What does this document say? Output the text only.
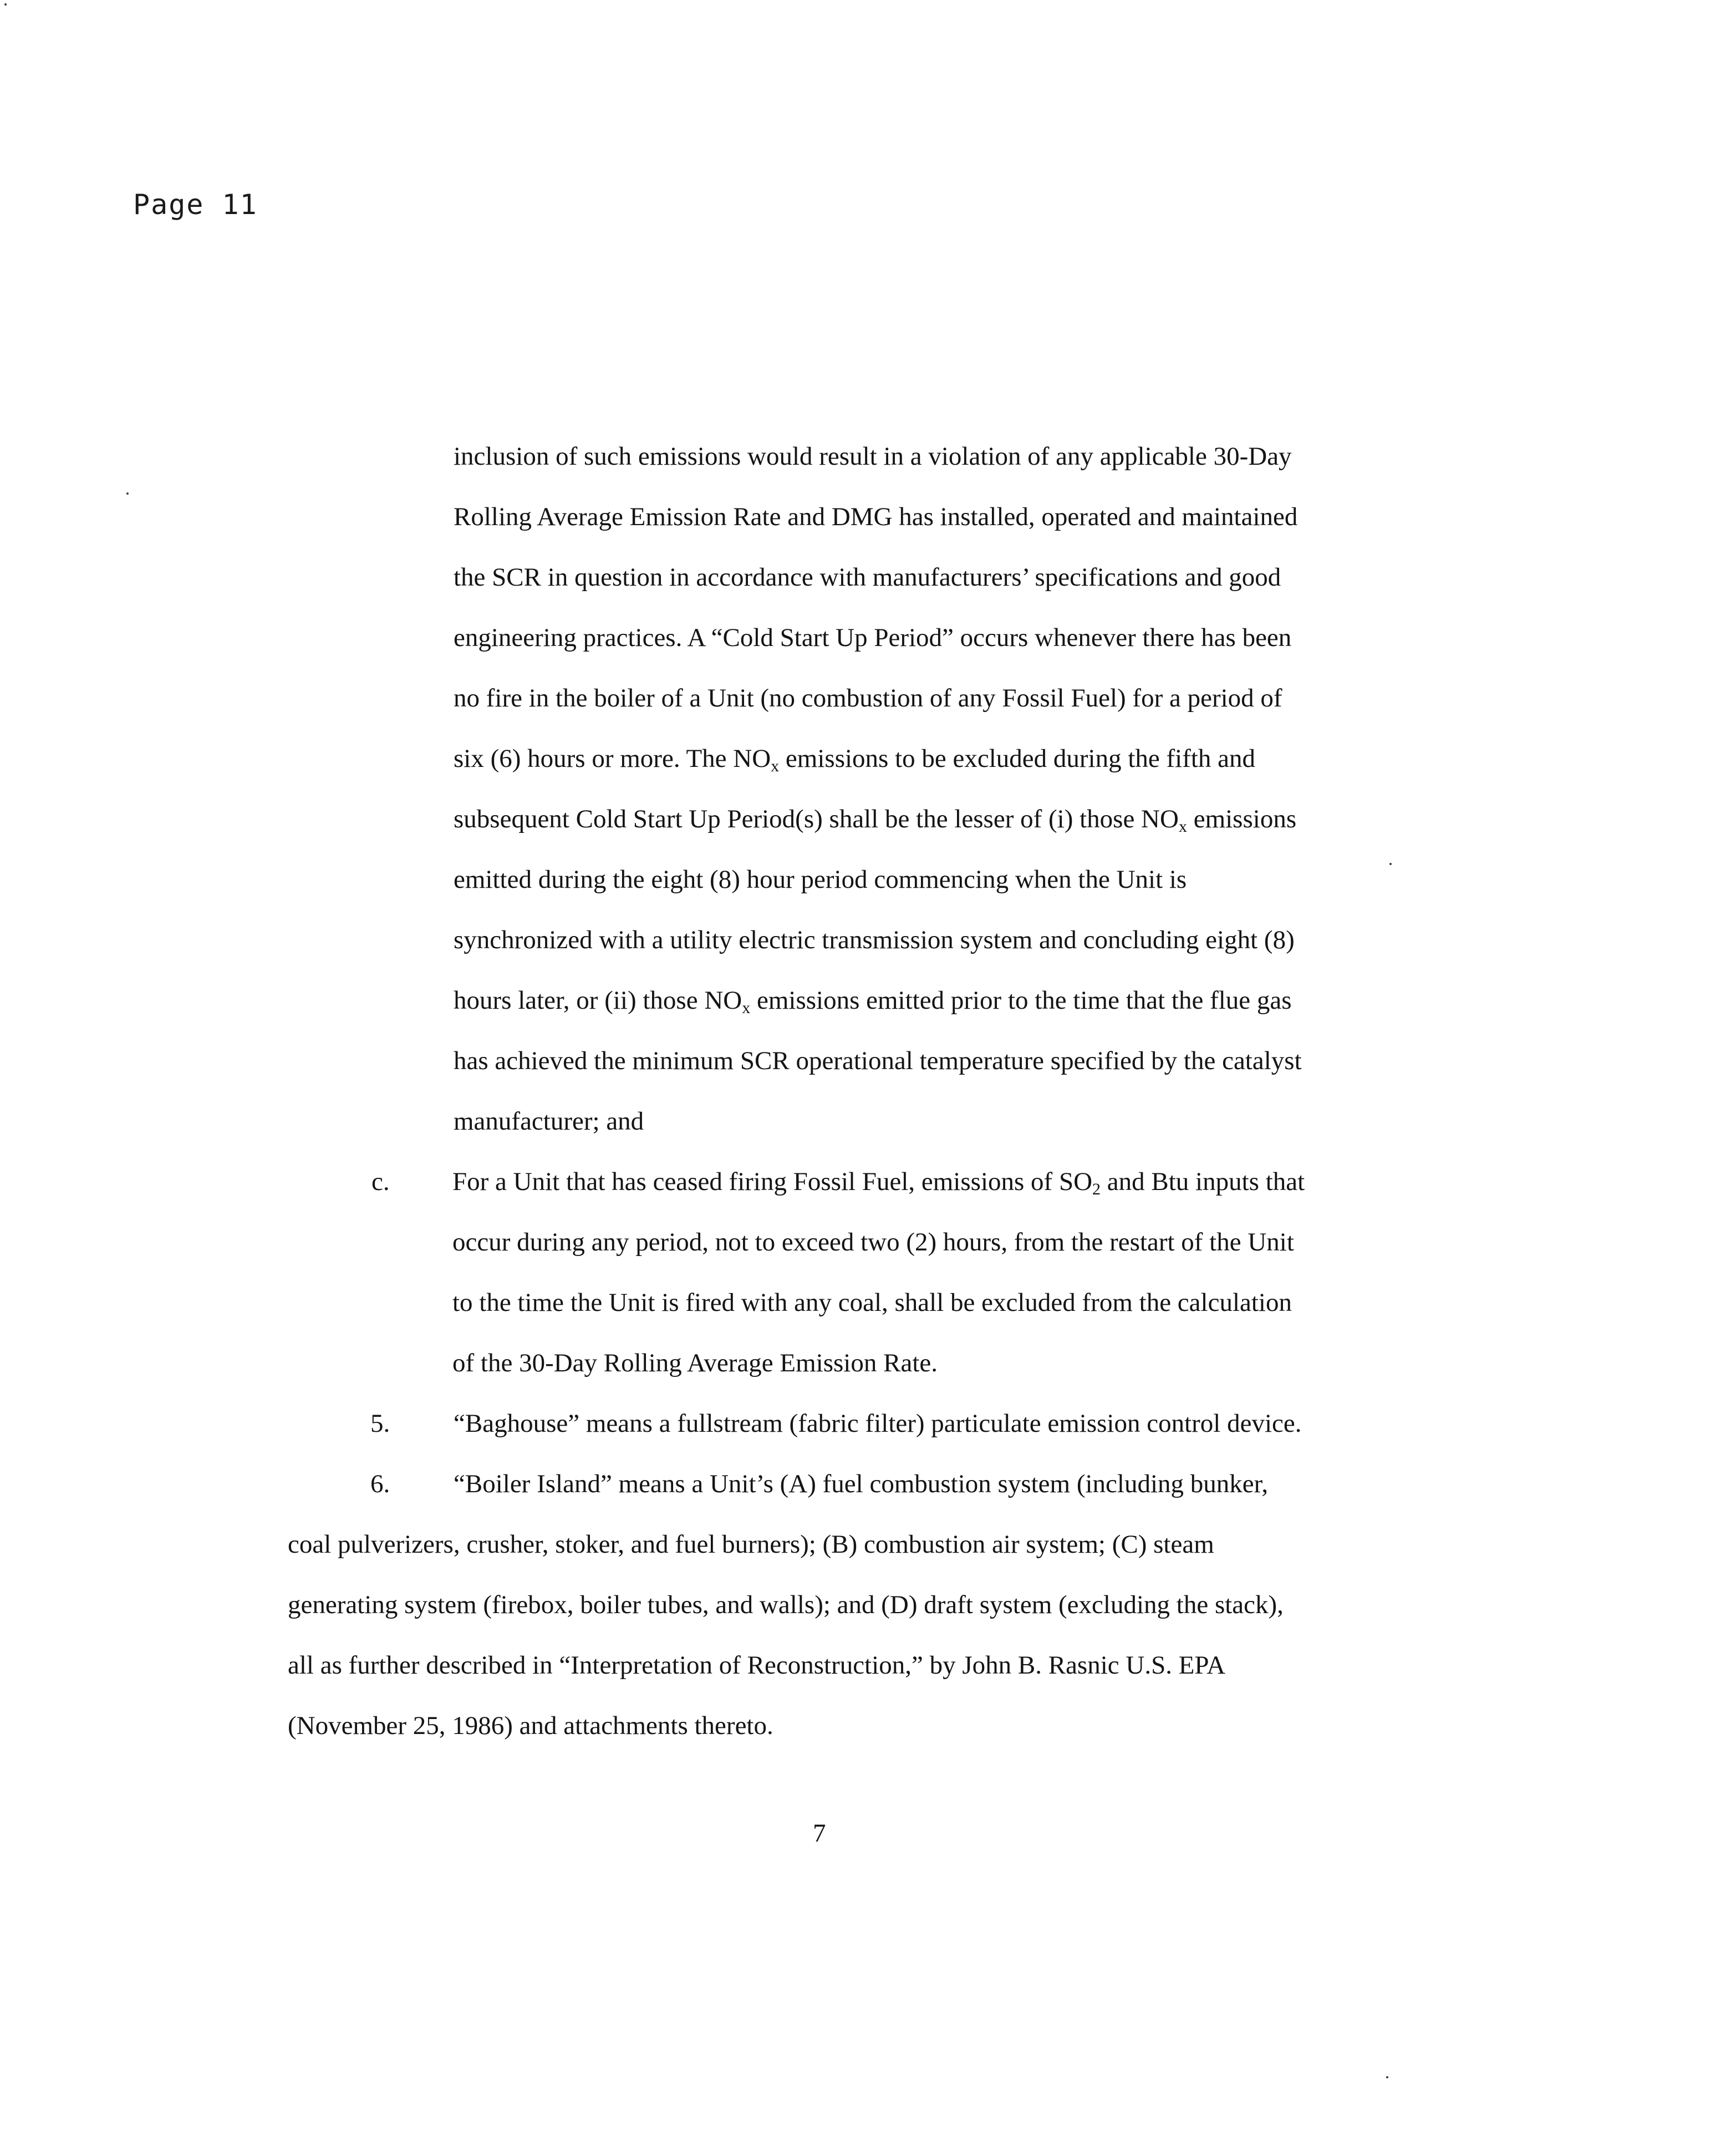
Page 11
inclusion of such emissions would result in a violation of any applicable 30-Day
Rolling Average Emission Rate and DMG has installed, operated and maintained
the SCR in question in accordance with manufacturers’ specifications and good
engineering practices. A “Cold Start Up Period” occurs whenever there has been
no fire in the boiler of a Unit (no combustion of any Fossil Fuel) for a period of
six (6) hours or more. The $NO_x$ emissions to be excluded during the fifth and
subsequent Cold Start Up Period(s) shall be the lesser of (i) those $NO_x$ emissions
emitted during the eight (8) hour period commencing when the Unit is
synchronized with a utility electric transmission system and concluding eight (8)
hours later, or (ii) those $NO_x$ emissions emitted prior to the time that the flue gas
has achieved the minimum SCR operational temperature specified by the catalyst
manufacturer; and
c. For a Unit that has ceased firing Fossil Fuel, emissions of $SO_2$ and Btu inputs that
occur during any period, not to exceed two (2) hours, from the restart of the Unit
to the time the Unit is fired with any coal, shall be excluded from the calculation
of the 30-Day Rolling Average Emission Rate.
5. “Baghouse” means a fullstream (fabric filter) particulate emission control device.
6. “Boiler Island” means a Unit’s (A) fuel combustion system (including bunker,
coal pulverizers, crusher, stoker, and fuel burners); (B) combustion air system; (C) steam
generating system (firebox, boiler tubes, and walls); and (D) draft system (excluding the stack),
all as further described in “Interpretation of Reconstruction,” by John B. Rasnic U.S. EPA
(November 25, 1986) and attachments thereto.
7
